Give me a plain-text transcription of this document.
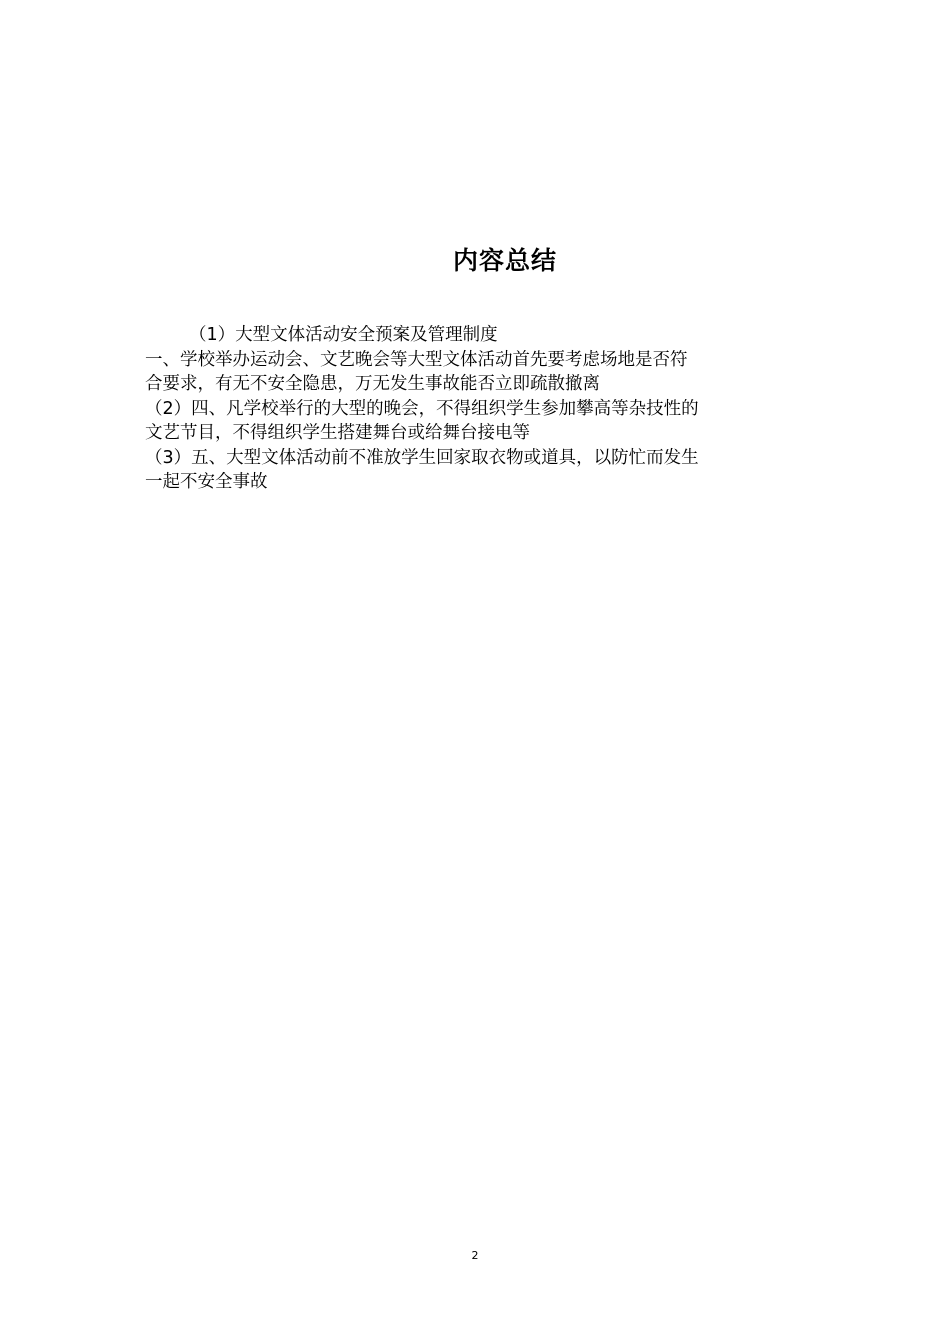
内容总结

（1）大型文体活动安全预案及管理制度

一、学校举办运动会、文艺晚会等大型文体活动首先要考虑场地是否符

合要求，有无不安全隐患，万无发生事故能否立即疏散撤离

（2）四、凡学校举行的大型的晚会，不得组织学生参加攀高等杂技性的

文艺节目，不得组织学生搭建舞台或给舞台接电等

（3）五、大型文体活动前不准放学生回家取衣物或道具，以防忙而发生

一起不安全事故

2
